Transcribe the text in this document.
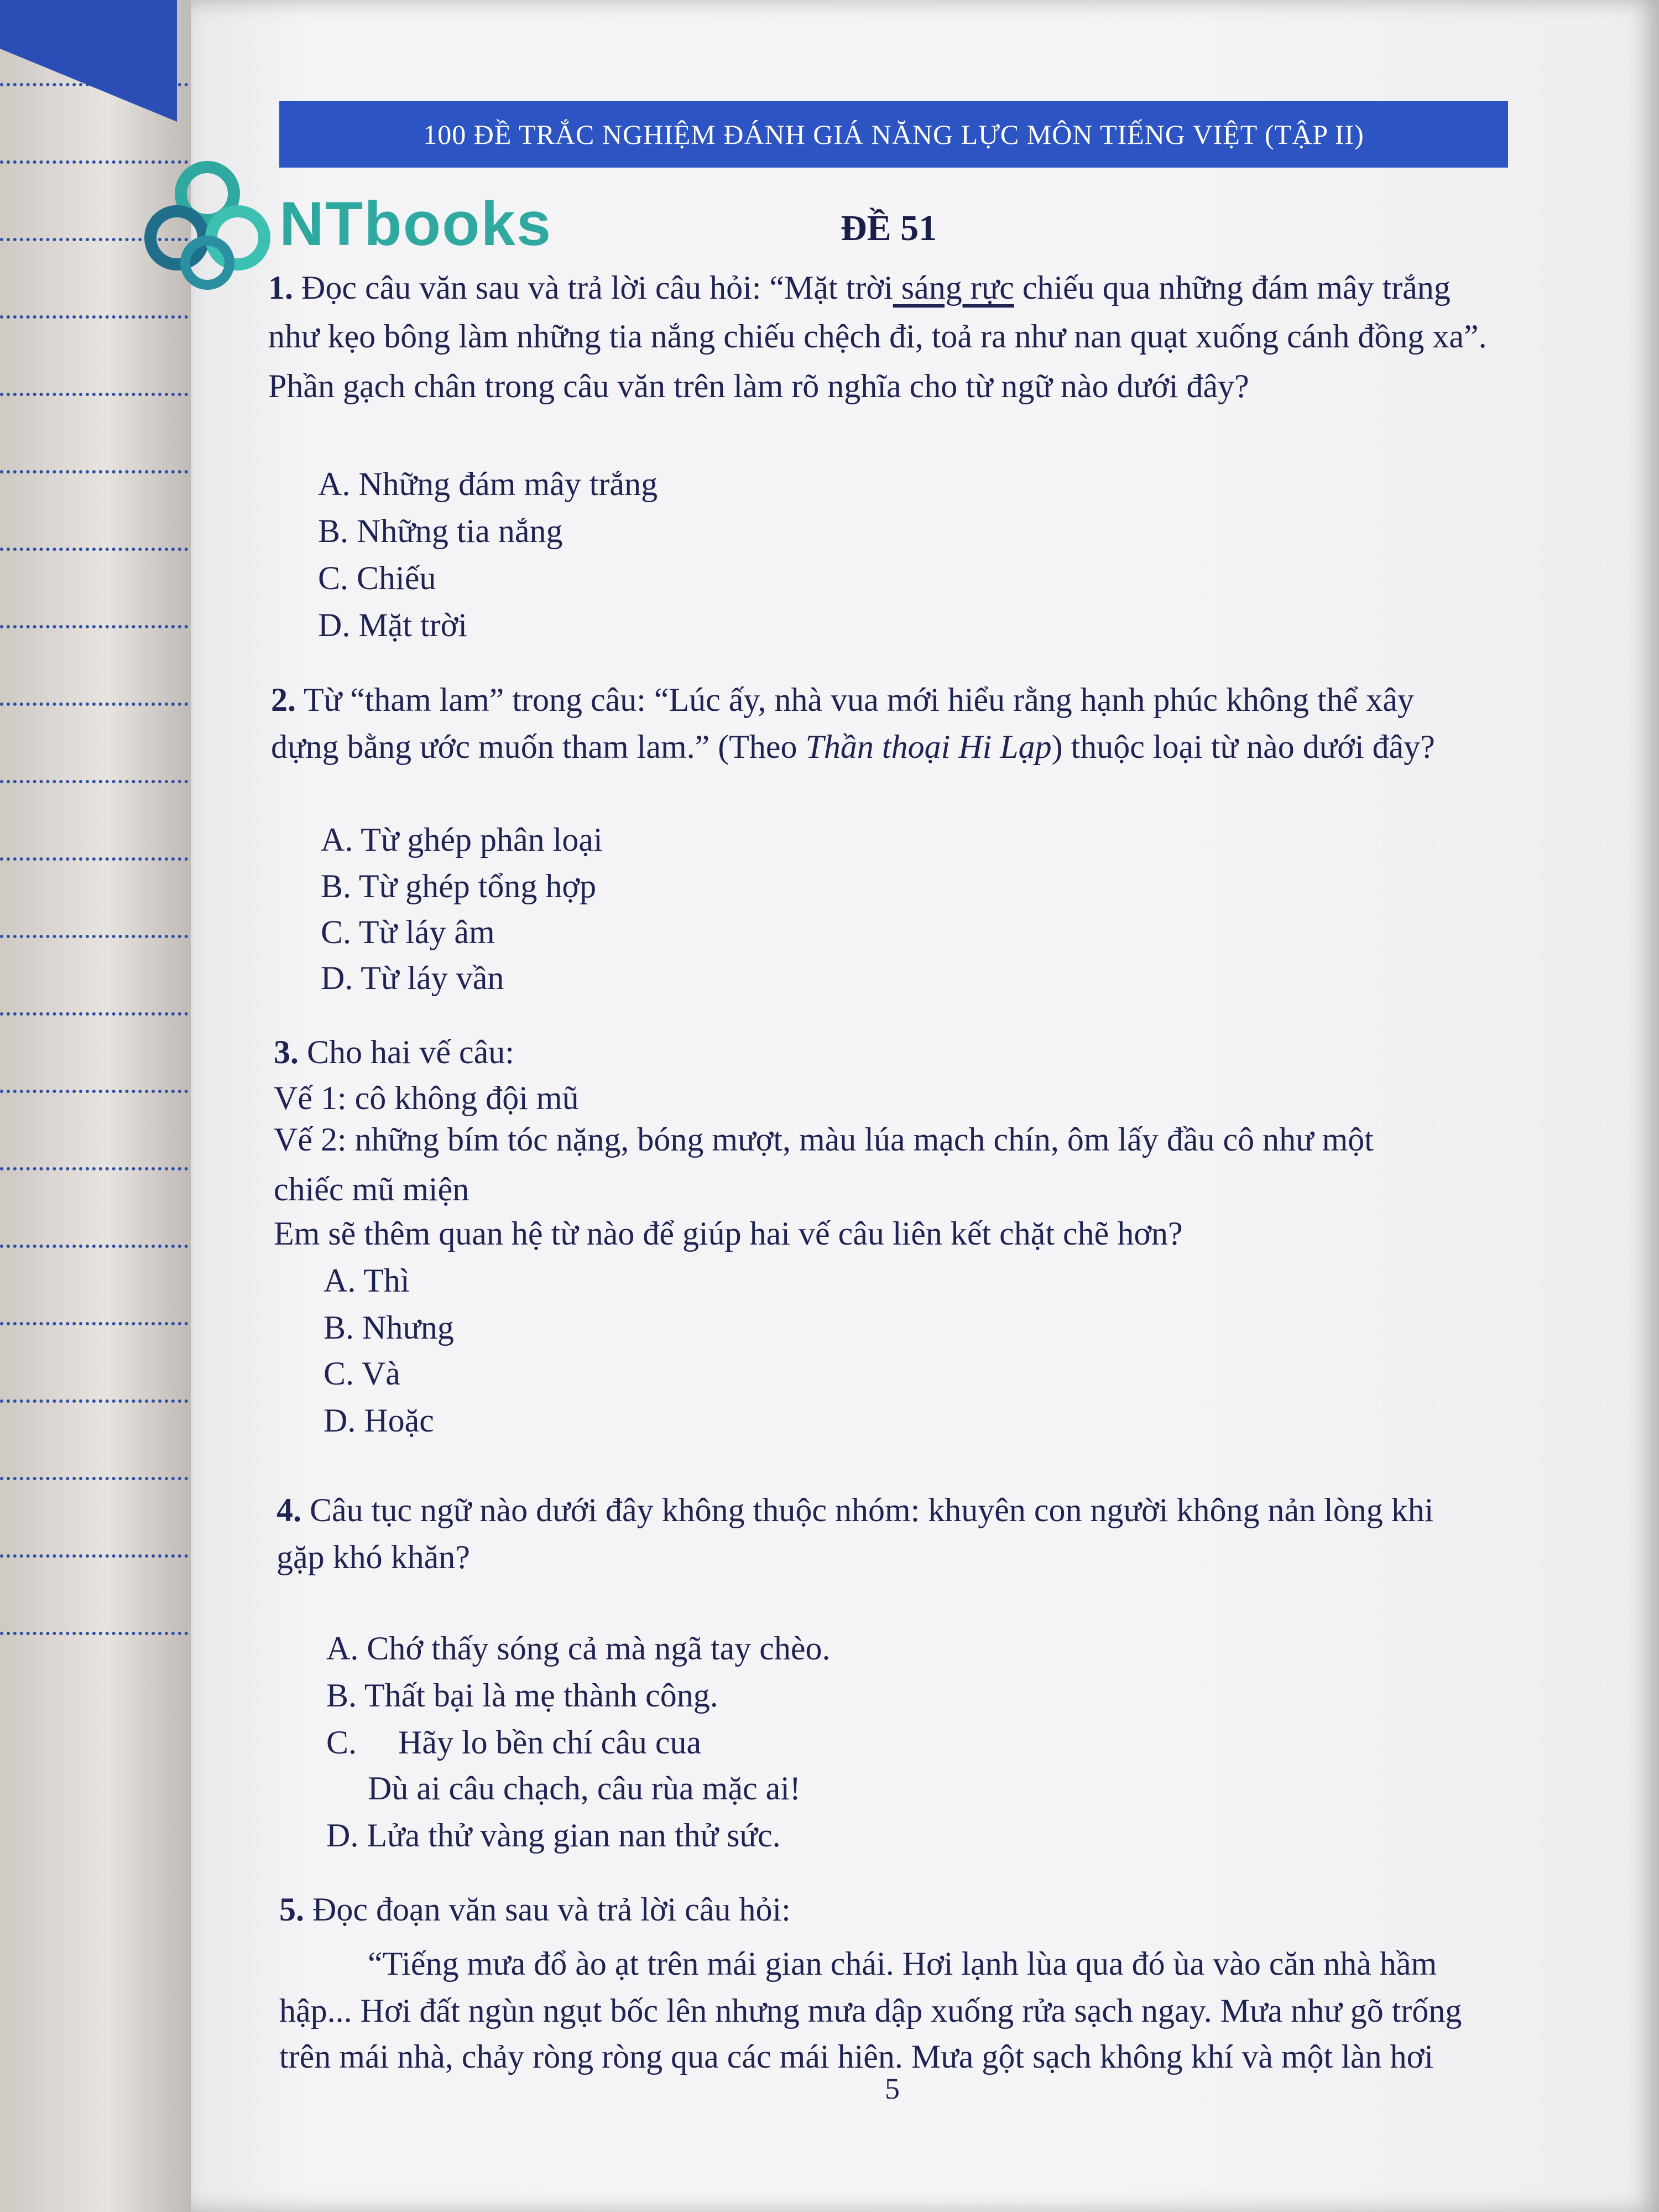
100 ĐỀ TRẮC NGHIỆM ĐÁNH GIÁ NĂNG LỰC MÔN TIẾNG VIỆT (TẬP II)
NTbooks	ĐỀ 51
1. Đọc câu văn sau và trả lời câu hỏi: “Mặt trời sáng rực chiếu qua những đám mây trắng
như kẹo bông làm những tia nắng chiếu chệch đi, toả ra như nan quạt xuống cánh đồng xa”.
Phần gạch chân trong câu văn trên làm rõ nghĩa cho từ ngữ nào dưới đây?
A. Những đám mây trắng
B. Những tia nắng
C. Chiếu
D. Mặt trời
2. Từ “tham lam” trong câu: “Lúc ấy, nhà vua mới hiểu rằng hạnh phúc không thể xây
dựng bằng ước muốn tham lam.” (Theo Thần thoại Hi Lạp) thuộc loại từ nào dưới đây?
A. Từ ghép phân loại
B. Từ ghép tổng hợp
C. Từ láy âm
D. Từ láy vần
3. Cho hai vế câu:
Vế 1: cô không đội mũ
Vế 2: những bím tóc nặng, bóng mượt, màu lúa mạch chín, ôm lấy đầu cô như một
chiếc mũ miện
Em sẽ thêm quan hệ từ nào để giúp hai vế câu liên kết chặt chẽ hơn?
A. Thì
B. Nhưng
C. Và
D. Hoặc
4. Câu tục ngữ nào dưới đây không thuộc nhóm: khuyên con người không nản lòng khi
gặp khó khăn?
A. Chớ thấy sóng cả mà ngã tay chèo.
B. Thất bại là mẹ thành công.
C.     Hãy lo bền chí câu cua
Dù ai câu chạch, câu rùa mặc ai!
D. Lửa thử vàng gian nan thử sức.
5. Đọc đoạn văn sau và trả lời câu hỏi:
“Tiếng mưa đổ ào ạt trên mái gian chái. Hơi lạnh lùa qua đó ùa vào căn nhà hầm
hập... Hơi đất ngùn ngụt bốc lên nhưng mưa dập xuống rửa sạch ngay. Mưa như gõ trống
trên mái nhà, chảy ròng ròng qua các mái hiên. Mưa gột sạch không khí và một làn hơi
5
